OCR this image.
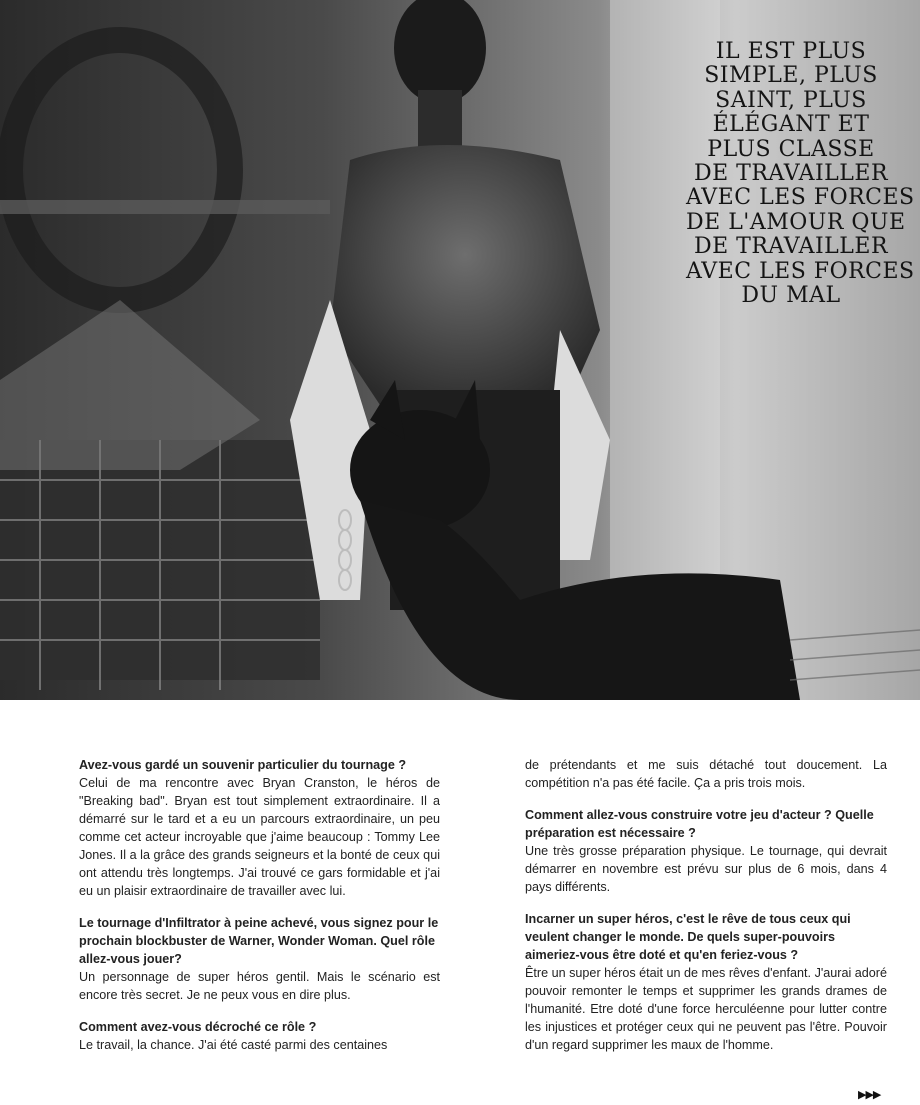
IL EST PLUS
SIMPLE, PLUS
SAINT, PLUS
ÉLÉGANT ET
PLUS CLASSE
DE TRAVAILLER
AVEC LES FORCES
DE L'AMOUR QUE
DE TRAVAILLER
AVEC LES FORCES
DU MAL

Avez-vous gardé un souvenir particulier du tournage ?

Celui de ma rencontre avec Bryan Cranston, le héros de "Breaking bad". Bryan est tout simplement extraordinaire. Il a démarré sur le tard et a eu un parcours extraordinaire, un peu comme cet acteur incroyable que j'aime beaucoup : Tommy Lee Jones. Il a la grâce des grands seigneurs et la bonté de ceux qui ont attendu très longtemps. J'ai trouvé ce gars formidable et j'ai eu un plaisir extraordinaire de travailler avec lui.

Le tournage d'Infiltrator à peine achevé, vous signez pour le prochain blockbuster de Warner, Wonder Woman. Quel rôle allez-vous jouer?

Un personnage de super héros gentil. Mais le scénario est encore très secret. Je ne peux vous en dire plus.

Comment avez-vous décroché ce rôle ?

Le travail, la chance. J'ai été casté parmi des centaines

de prétendants et me suis détaché tout doucement. La compétition n'a pas été facile. Ça a pris trois mois.

Comment allez-vous construire votre jeu d'acteur ? Quelle préparation est nécessaire ?

Une très grosse préparation physique. Le tournage, qui devrait démarrer en novembre est prévu sur plus de 6 mois, dans 4 pays différents.

Incarner un super héros, c'est le rêve de tous ceux qui veulent changer le monde. De quels super-pouvoirs aimeriez-vous être doté et qu'en feriez-vous ?

Être un super héros était un de mes rêves d'enfant. J'aurai adoré pouvoir remonter le temps et supprimer les grands drames de l'humanité. Etre doté d'une force herculéenne pour lutter contre les injustices et protéger ceux qui ne peuvent pas l'être. Pouvoir d'un regard supprimer les maux de l'homme.

▶▶▶
